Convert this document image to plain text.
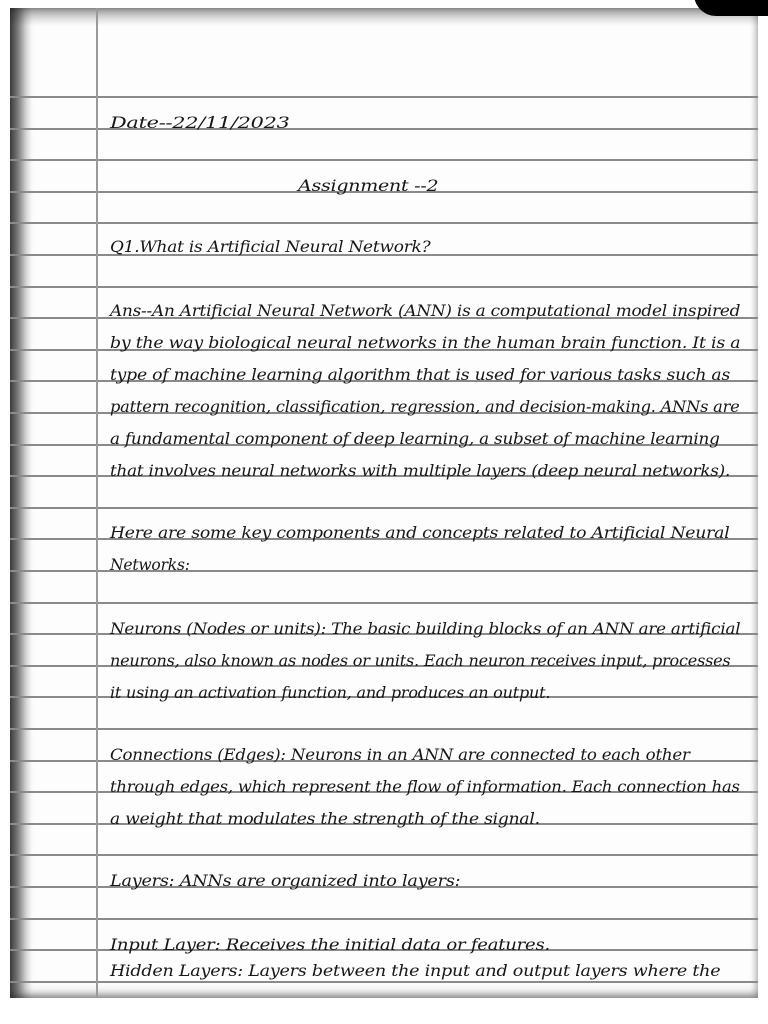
Date--22/11/2023
Assignment --2
Q1.What is Artificial Neural Network?
Ans--An Artificial Neural Network (ANN) is a computational model inspired
by the way biological neural networks in the human brain function. It is a
type of machine learning algorithm that is used for various tasks such as
pattern recognition, classification, regression, and decision-making. ANNs are
a fundamental component of deep learning, a subset of machine learning
that involves neural networks with multiple layers (deep neural networks).
Here are some key components and concepts related to Artificial Neural
Networks:
Neurons (Nodes or units): The basic building blocks of an ANN are artificial
neurons, also known as nodes or units. Each neuron receives input, processes
it using an activation function, and produces an output.
Connections (Edges): Neurons in an ANN are connected to each other
through edges, which represent the flow of information. Each connection has
a weight that modulates the strength of the signal.
Layers: ANNs are organized into layers:
Input Layer: Receives the initial data or features.
Hidden Layers: Layers between the input and output layers where the
